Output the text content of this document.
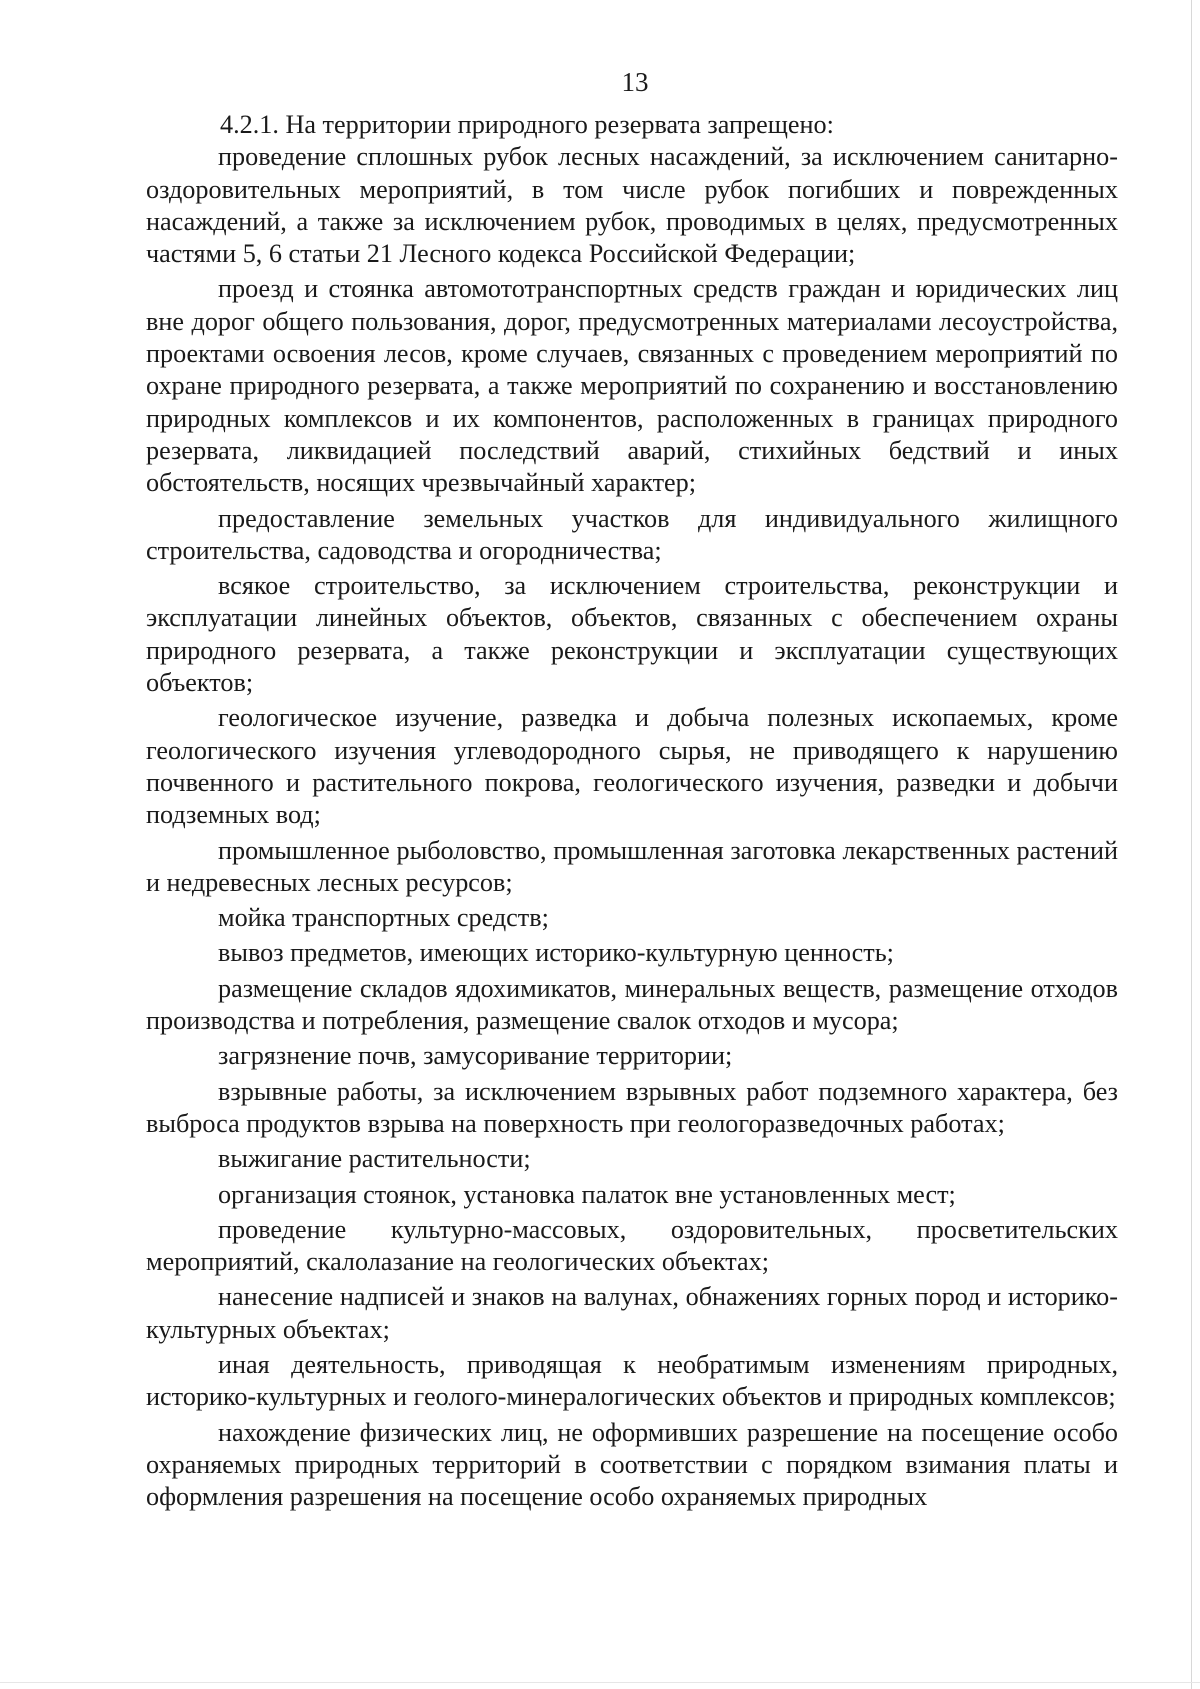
13

4.2.1. На территории природного резервата запрещено:

проведение сплошных рубок лесных насаждений, за исключением санитарно-оздоровительных мероприятий, в том числе рубок погибших и поврежденных насаждений, а также за исключением рубок, проводимых в целях, предусмотренных частями 5, 6 статьи 21 Лесного кодекса Российской Федерации;

проезд и стоянка автомототранспортных средств граждан и юридических лиц вне дорог общего пользования, дорог, предусмотренных материалами лесоустройства, проектами освоения лесов, кроме случаев, связанных с проведением мероприятий по охране природного резервата, а также мероприятий по сохранению и восстановлению природных комплексов и их компонентов, расположенных в границах природного резервата, ликвидацией последствий аварий, стихийных бедствий и иных обстоятельств, носящих чрезвычайный характер;

предоставление земельных участков для индивидуального жилищного строительства, садоводства и огородничества;

всякое строительство, за исключением строительства, реконструкции и эксплуатации линейных объектов, объектов, связанных с обеспечением охраны природного резервата, а также реконструкции и эксплуатации существующих объектов;

геологическое изучение, разведка и добыча полезных ископаемых, кроме геологического изучения углеводородного сырья, не приводящего к нарушению почвенного и растительного покрова, геологического изучения, разведки и добычи подземных вод;

промышленное рыболовство, промышленная заготовка лекарственных растений и недревесных лесных ресурсов;

мойка транспортных средств;

вывоз предметов, имеющих историко-культурную ценность;

размещение складов ядохимикатов, минеральных веществ, размещение отходов производства и потребления, размещение свалок отходов и мусора;

загрязнение почв, замусоривание территории;

взрывные работы, за исключением взрывных работ подземного характера, без выброса продуктов взрыва на поверхность при геологоразведочных работах;

выжигание растительности;

организация стоянок, установка палаток вне установленных мест;

проведение культурно-массовых, оздоровительных, просветительских мероприятий, скалолазание на геологических объектах;

нанесение надписей и знаков на валунах, обнажениях горных пород и историко-культурных объектах;

иная деятельность, приводящая к необратимым изменениям природных, историко-культурных и геолого-минералогических объектов и природных комплексов;

нахождение физических лиц, не оформивших разрешение на посещение особо охраняемых природных территорий в соответствии с порядком взимания платы и оформления разрешения на посещение особо охраняемых природных
